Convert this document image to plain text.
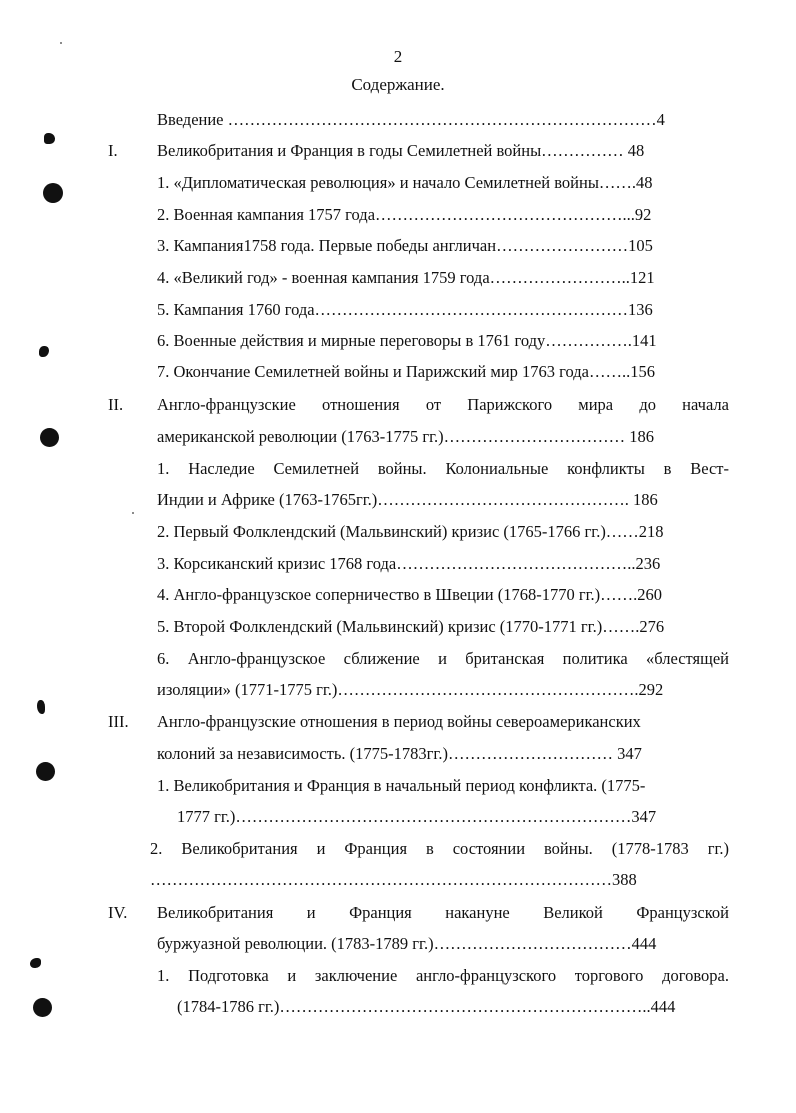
2
Содержание.
Введение ……………………………………………………………………4
I. Великобритания и Франция в годы Семилетней войны…………… 48
1. «Дипломатическая революция» и начало Семилетней войны…….48
2. Военная кампания 1757 года………………………………………...92
3. Кампания1758 года. Первые победы англичан……………………105
4. «Великий год» - военная кампания 1759 года……………………..121
5. Кампания 1760 года…………………………………………………136
6. Военные действия и мирные переговоры в 1761 году…………….141
7. Окончание Семилетней войны и Парижский мир 1763 года……..156
II. Англо-французские отношения от Парижского мира до начала
американской революции (1763-1775 гг.)…………………………… 186
1. Наследие Семилетней войны. Колониальные конфликты в Вест-
Индии и Африке (1763-1765гг.)………………………………………. 186
2. Первый Фолклендский (Мальвинский) кризис (1765-1766 гг.)……218
3. Корсиканский кризис 1768 года……………………………………..236
4. Англо-французское соперничество в Швеции (1768-1770 гг.)…….260
5. Второй Фолклендский (Мальвинский) кризис (1770-1771 гг.)…….276
6. Англо-французское сближение и британская политика «блестящей
изоляции» (1771-1775 гг.)……………………………………………….292
III. Англо-французские отношения в период войны североамериканских
колоний за независимость. (1775-1783гг.)………………………… 347
1. Великобритания и Франция в начальный период конфликта. (1775-
1777 гг.)………………………………………………………………347
2. Великобритания и Франция в состоянии войны. (1778-1783 гг.)
…………………………………………………………………………388
IV. Великобритания и Франция накануне Великой Французской
буржуазной революции. (1783-1789 гг.)………………………………444
1. Подготовка и заключение англо-французского торгового договора.
(1784-1786 гг.)…………………………………………………………..444
